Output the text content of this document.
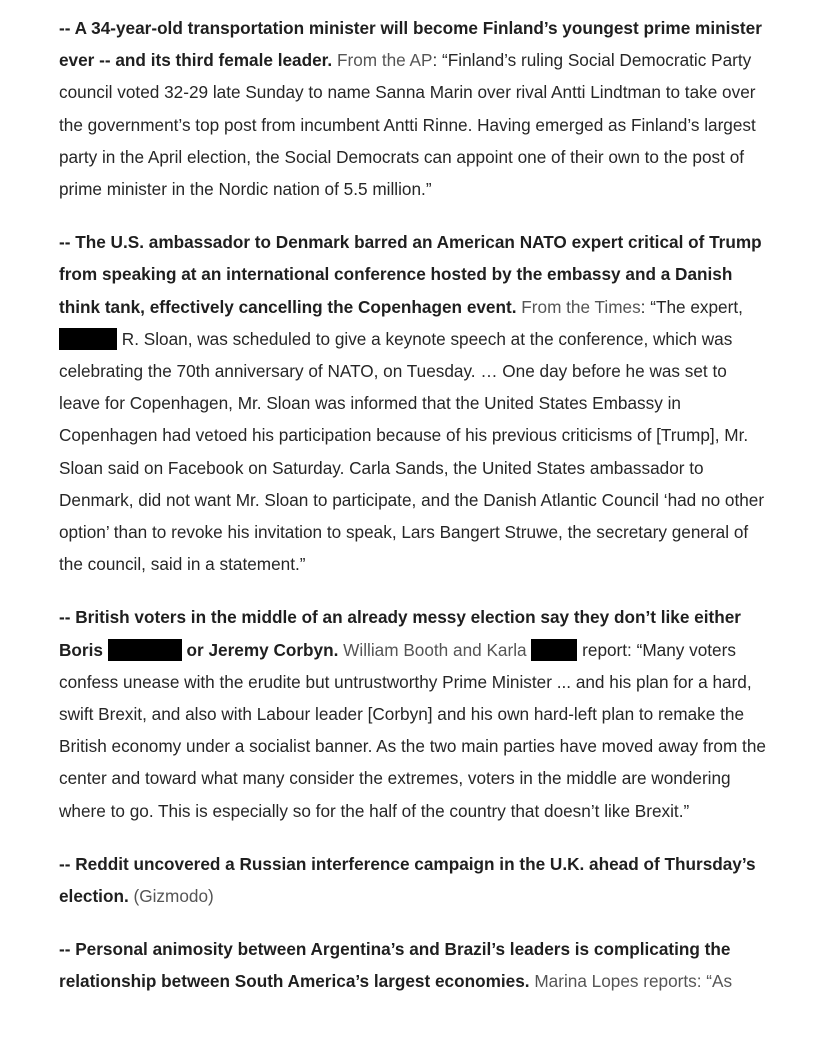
-- A 34-year-old transportation minister will become Finland’s youngest prime minister ever -- and its third female leader. From the AP: “Finland’s ruling Social Democratic Party council voted 32-29 late Sunday to name Sanna Marin over rival Antti Lindtman to take over the government’s top post from incumbent Antti Rinne. Having emerged as Finland’s largest party in the April election, the Social Democrats can appoint one of their own to the post of prime minister in the Nordic nation of 5.5 million.”

-- The U.S. ambassador to Denmark barred an American NATO expert critical of Trump from speaking at an international conference hosted by the embassy and a Danish think tank, effectively cancelling the Copenhagen event. From the Times: “The expert,  R. Sloan, was scheduled to give a keynote speech at the conference, which was celebrating the 70th anniversary of NATO, on Tuesday. … One day before he was set to leave for Copenhagen, Mr. Sloan was informed that the United States Embassy in Copenhagen had vetoed his participation because of his previous criticisms of [Trump], Mr. Sloan said on Facebook on Saturday. Carla Sands, the United States ambassador to Denmark, did not want Mr. Sloan to participate, and the Danish Atlantic Council ‘had no other option’ than to revoke his invitation to speak, Lars Bangert Struwe, the secretary general of the council, said in a statement.”

-- British voters in the middle of an already messy election say they don’t like either Boris	or Jeremy Corbyn. William Booth and Karla	report: “Many voters confess unease with the erudite but untrustworthy Prime Minister ... and his plan for a hard, swift Brexit, and also with Labour leader [Corbyn] and his own hard-left plan to remake the British economy under a socialist banner. As the two main parties have moved away from the center and toward what many consider the extremes, voters in the middle are wondering where to go. This is especially so for the half of the country that doesn’t like Brexit.”

-- Reddit uncovered a Russian interference campaign in the U.K. ahead of Thursday’s election. (Gizmodo)

-- Personal animosity between Argentina’s and Brazil’s leaders is complicating the relationship between South America’s largest economies. Marina Lopes reports: “As
